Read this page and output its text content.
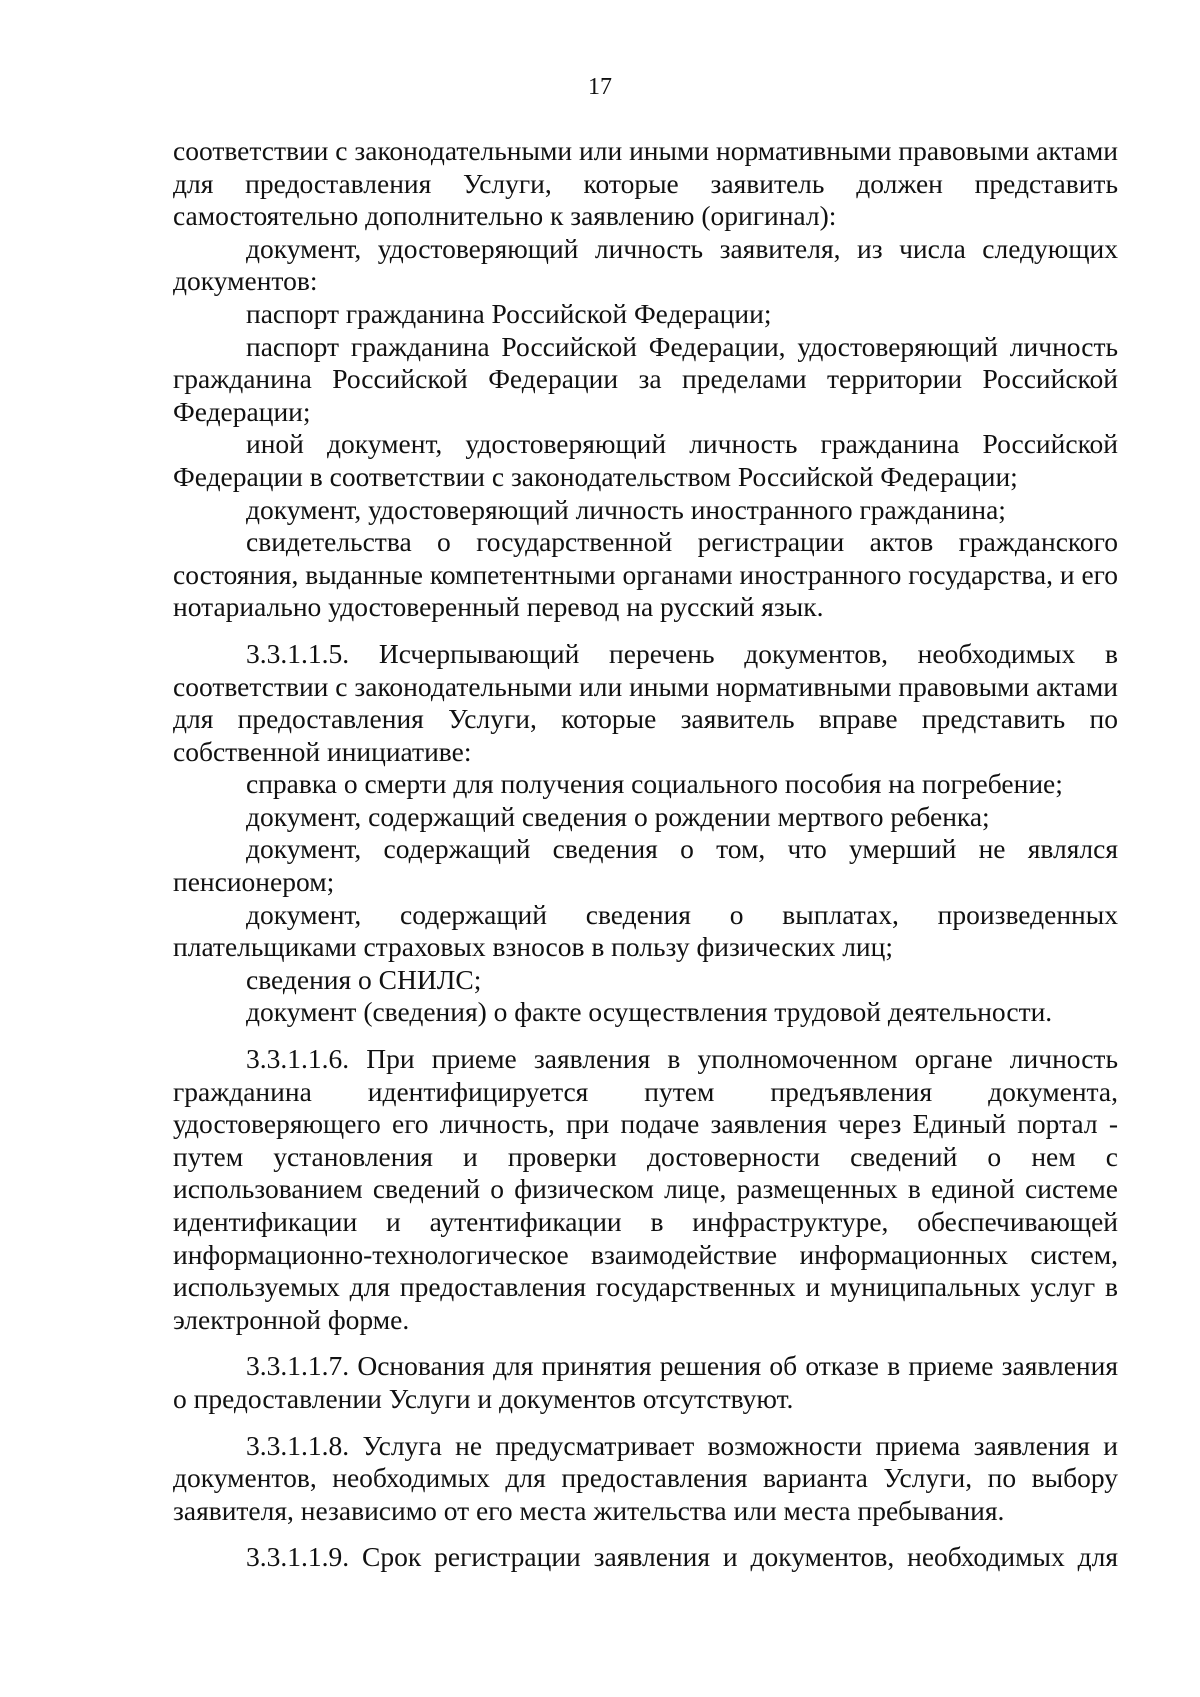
17

соответствии с законодательными или иными нормативными правовыми актами для предоставления Услуги, которые заявитель должен представить самостоятельно дополнительно к заявлению (оригинал):

документ, удостоверяющий личность заявителя, из числа следующих документов:

паспорт гражданина Российской Федерации;

паспорт гражданина Российской Федерации, удостоверяющий личность гражданина Российской Федерации за пределами территории Российской Федерации;

иной документ, удостоверяющий личность гражданина Российской Федерации в соответствии с законодательством Российской Федерации;

документ, удостоверяющий личность иностранного гражданина;

свидетельства о государственной регистрации актов гражданского состояния, выданные компетентными органами иностранного государства, и его нотариально удостоверенный перевод на русский язык.

3.3.1.1.5. Исчерпывающий перечень документов, необходимых в соответствии с законодательными или иными нормативными правовыми актами для предоставления Услуги, которые заявитель вправе представить по собственной инициативе:

справка о смерти для получения социального пособия на погребение;

документ, содержащий сведения о рождении мертвого ребенка;

документ, содержащий сведения о том, что умерший не являлся пенсионером;

документ, содержащий сведения о выплатах, произведенных плательщиками страховых взносов в пользу физических лиц;

сведения о СНИЛС;

документ (сведения) о факте осуществления трудовой деятельности.

3.3.1.1.6. При приеме заявления в уполномоченном органе личность гражданина идентифицируется путем предъявления документа, удостоверяющего его личность, при подаче заявления через Единый портал - путем установления и проверки достоверности сведений о нем с использованием сведений о физическом лице, размещенных в единой системе идентификации и аутентификации в инфраструктуре, обеспечивающей информационно-технологическое взаимодействие информационных систем, используемых для предоставления государственных и муниципальных услуг в электронной форме.

3.3.1.1.7. Основания для принятия решения об отказе в приеме заявления о предоставлении Услуги и документов отсутствуют.

3.3.1.1.8. Услуга не предусматривает возможности приема заявления и документов, необходимых для предоставления варианта Услуги, по выбору заявителя, независимо от его места жительства или места пребывания.

3.3.1.1.9. Срок регистрации заявления и документов, необходимых для
